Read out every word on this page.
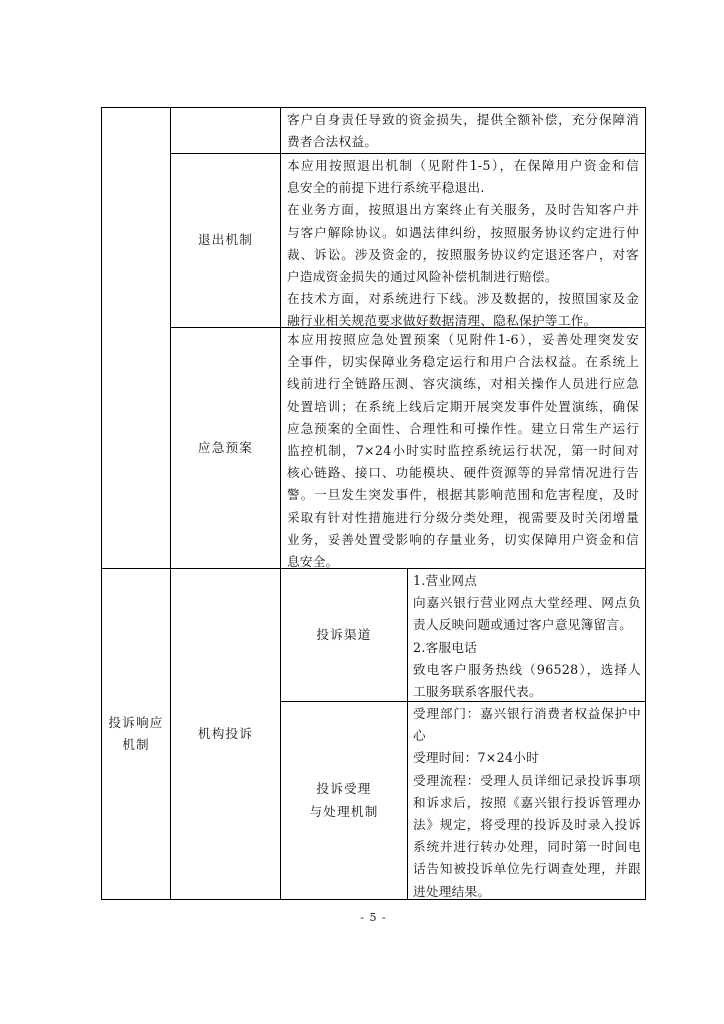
客户自身责任导致的资金损失，提供全额补偿，充分保障消
费者合法权益。
退出机制
本应用按照退出机制（见附件1-5），在保障用户资金和信
息安全的前提下进行系统平稳退出.
在业务方面，按照退出方案终止有关服务，及时告知客户并
与客户解除协议。如遇法律纠纷，按照服务协议约定进行仲
裁、诉讼。涉及资金的，按照服务协议约定退还客户，对客
户造成资金损失的通过风险补偿机制进行赔偿。
在技术方面，对系统进行下线。涉及数据的，按照国家及金
融行业相关规范要求做好数据清理、隐私保护等工作。
应急预案
本应用按照应急处置预案（见附件1-6），妥善处理突发安
全事件，切实保障业务稳定运行和用户合法权益。在系统上
线前进行全链路压测、容灾演练，对相关操作人员进行应急
处置培训；在系统上线后定期开展突发事件处置演练，确保
应急预案的全面性、合理性和可操作性。建立日常生产运行
监控机制，7×24小时实时监控系统运行状况，第一时间对
核心链路、接口、功能模块、硬件资源等的异常情况进行告
警。一旦发生突发事件，根据其影响范围和危害程度，及时
采取有针对性措施进行分级分类处理，视需要及时关闭增量
业务，妥善处置受影响的存量业务，切实保障用户资金和信
息安全。
投诉响应
机制
机构投诉
投诉渠道
1.营业网点
向嘉兴银行营业网点大堂经理、网点负
责人反映问题或通过客户意见簿留言。
2.客服电话
致电客户服务热线（96528），选择人
工服务联系客服代表。
投诉受理
与处理机制
受理部门：嘉兴银行消费者权益保护中
心
受理时间：7×24小时
受理流程：受理人员详细记录投诉事项
和诉求后，按照《嘉兴银行投诉管理办
法》规定，将受理的投诉及时录入投诉
系统并进行转办处理，同时第一时间电
话告知被投诉单位先行调查处理，并跟
进处理结果。
- 5 -
